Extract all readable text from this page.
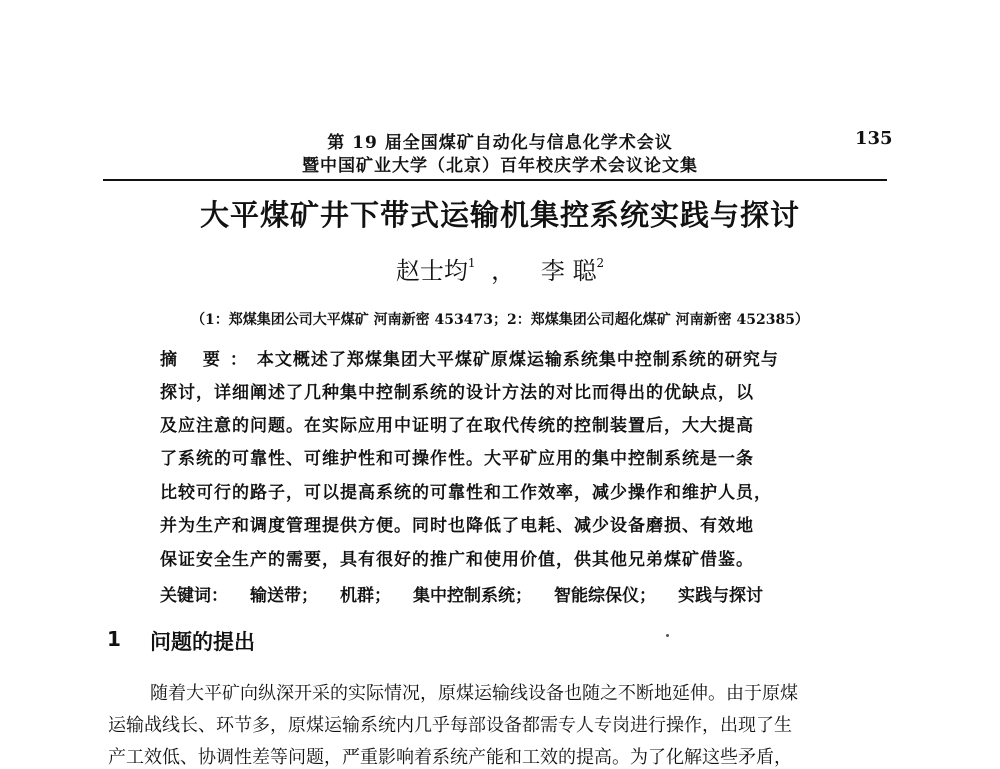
第 19 届全国煤矿自动化与信息化学术会议
暨中国矿业大学（北京）百年校庆学术会议论文集
135
大平煤矿井下带式运输机集控系统实践与探讨
赵士均$^1$ ， 李 聪$^2$
（1：郑煤集团公司大平煤矿 河南新密 453473；2：郑煤集团公司超化煤矿 河南新密 452385）
摘 要：本文概述了郑煤集团大平煤矿原煤运输系统集中控制系统的研究与
探讨，详细阐述了几种集中控制系统的设计方法的对比而得出的优缺点，以
及应注意的问题。在实际应用中证明了在取代传统的控制装置后，大大提高
了系统的可靠性、可维护性和可操作性。大平矿应用的集中控制系统是一条
比较可行的路子，可以提高系统的可靠性和工作效率，减少操作和维护人员，
并为生产和调度管理提供方便。同时也降低了电耗、减少设备磨损、有效地
保证安全生产的需要，具有很好的推广和使用价值，供其他兄弟煤矿借鉴。
关键词： 输送带； 机群； 集中控制系统； 智能综保仪； 实践与探讨
1 问题的提出
随着大平矿向纵深开采的实际情况，原煤运输线设备也随之不断地延伸。由于原煤
运输战线长、环节多，原煤运输系统内几乎每部设备都需专人专岗进行操作，出现了生
产工效低、协调性差等问题，严重影响着系统产能和工效的提高。为了化解这些矛盾，
